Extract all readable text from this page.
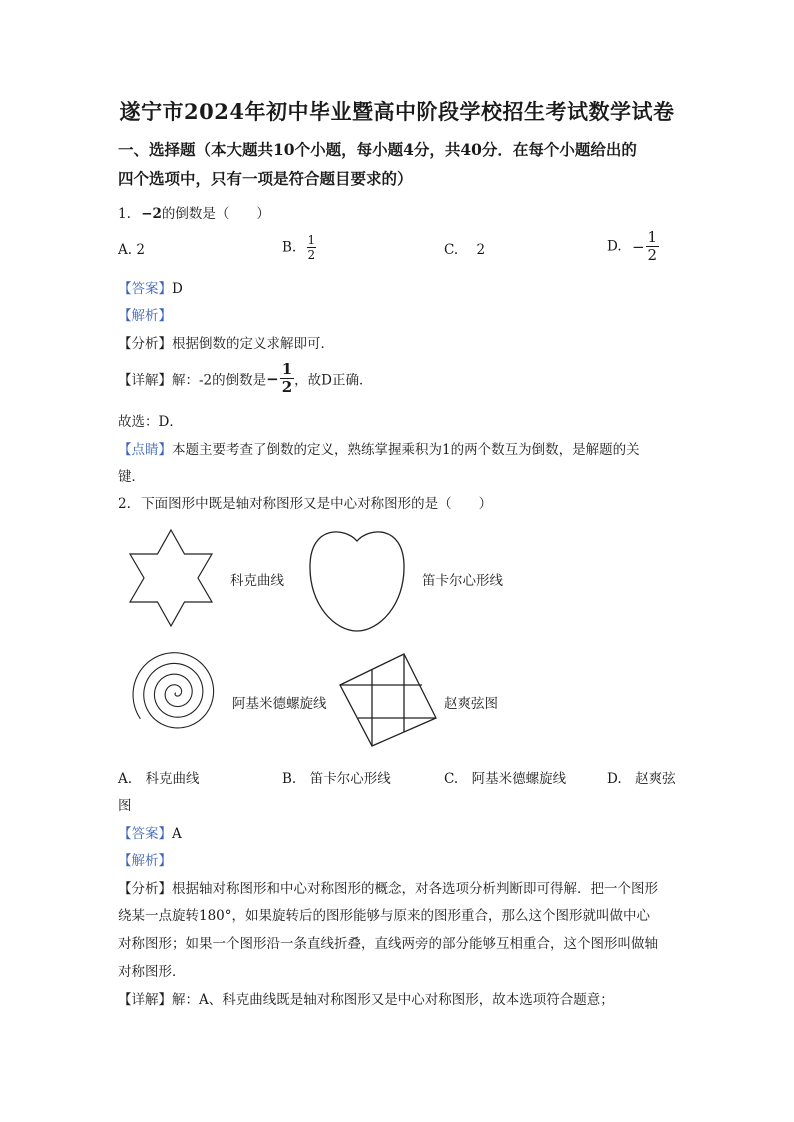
遂宁市2024年初中毕业暨高中阶段学校招生考试数学试卷
一、选择题（本大题共10个小题，每小题4分，共40分．在每个小题给出的
四个选项中，只有一项是符合题目要求的）
1. −2的倒数是（　　）
A. 2	B. $\frac{1}{2}$	C. 2	D. − $\frac{1}{2}$
【答案】D
【解析】
【分析】根据倒数的定义求解即可．
【详解】解：-2的倒数是− $\frac{1}{2}$ ，故D正确．
故选：D．
【点睛】本题主要考查了倒数的定义，熟练掌握乘积为1的两个数互为倒数，是解题的关
键．
2. 下面图形中既是轴对称图形又是中心对称图形的是（　　）
科克曲线	笛卡尔心形线
阿基米德螺旋线	赵爽弦图
A.　科克曲线	B.　笛卡尔心形线	C.　阿基米德螺旋线	D.　赵爽弦
图
【答案】A
【解析】
【分析】根据轴对称图形和中心对称图形的概念，对各选项分析判断即可得解．把一个图形
绕某一点旋转180°，如果旋转后的图形能够与原来的图形重合，那么这个图形就叫做中心
对称图形；如果一个图形沿一条直线折叠，直线两旁的部分能够互相重合，这个图形叫做轴
对称图形．
【详解】解：A、科克曲线既是轴对称图形又是中心对称图形，故本选项符合题意；
